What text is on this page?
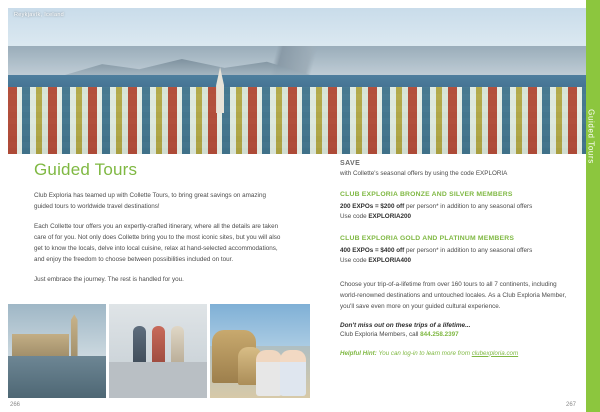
Reykjavík, Iceland
Guided Tours

Club Exploria has teamed up with Collette Tours, to bring great savings on amazing guided tours to worldwide travel destinations!

Each Collette tour offers you an expertly-crafted itinerary, where all the details are taken care of for you. Not only does Collette bring you to the most iconic sites, but you will also get to know the locals, delve into local cuisine, relax at hand-selected accommodations, and enjoy the freedom to choose between possibilities included on tour.

Just embrace the journey. The rest is handled for you.

SAVE

with Collette's seasonal offers by using the code EXPLORIA

CLUB EXPLORIA BRONZE AND SILVER MEMBERS

200 EXPOs = $200 off per person* in addition to any seasonal offers

Use code EXPLORIA200

CLUB EXPLORIA GOLD AND PLATINUM MEMBERS

400 EXPOs = $400 off per person* in addition to any seasonal offers

Use code EXPLORIA400

Choose your trip-of-a-lifetime from over 160 tours to all 7 continents, including world-renowned destinations and untouched locales. As a Club Exploria Member, you'll save even more on your guided cultural experience.

Don't miss out on these trips of a lifetime...

Club Exploria Members, call 844.258.2397

Helpful Hint: You can log-in to learn more from clubexploria.com

266	267
Guided Tours
